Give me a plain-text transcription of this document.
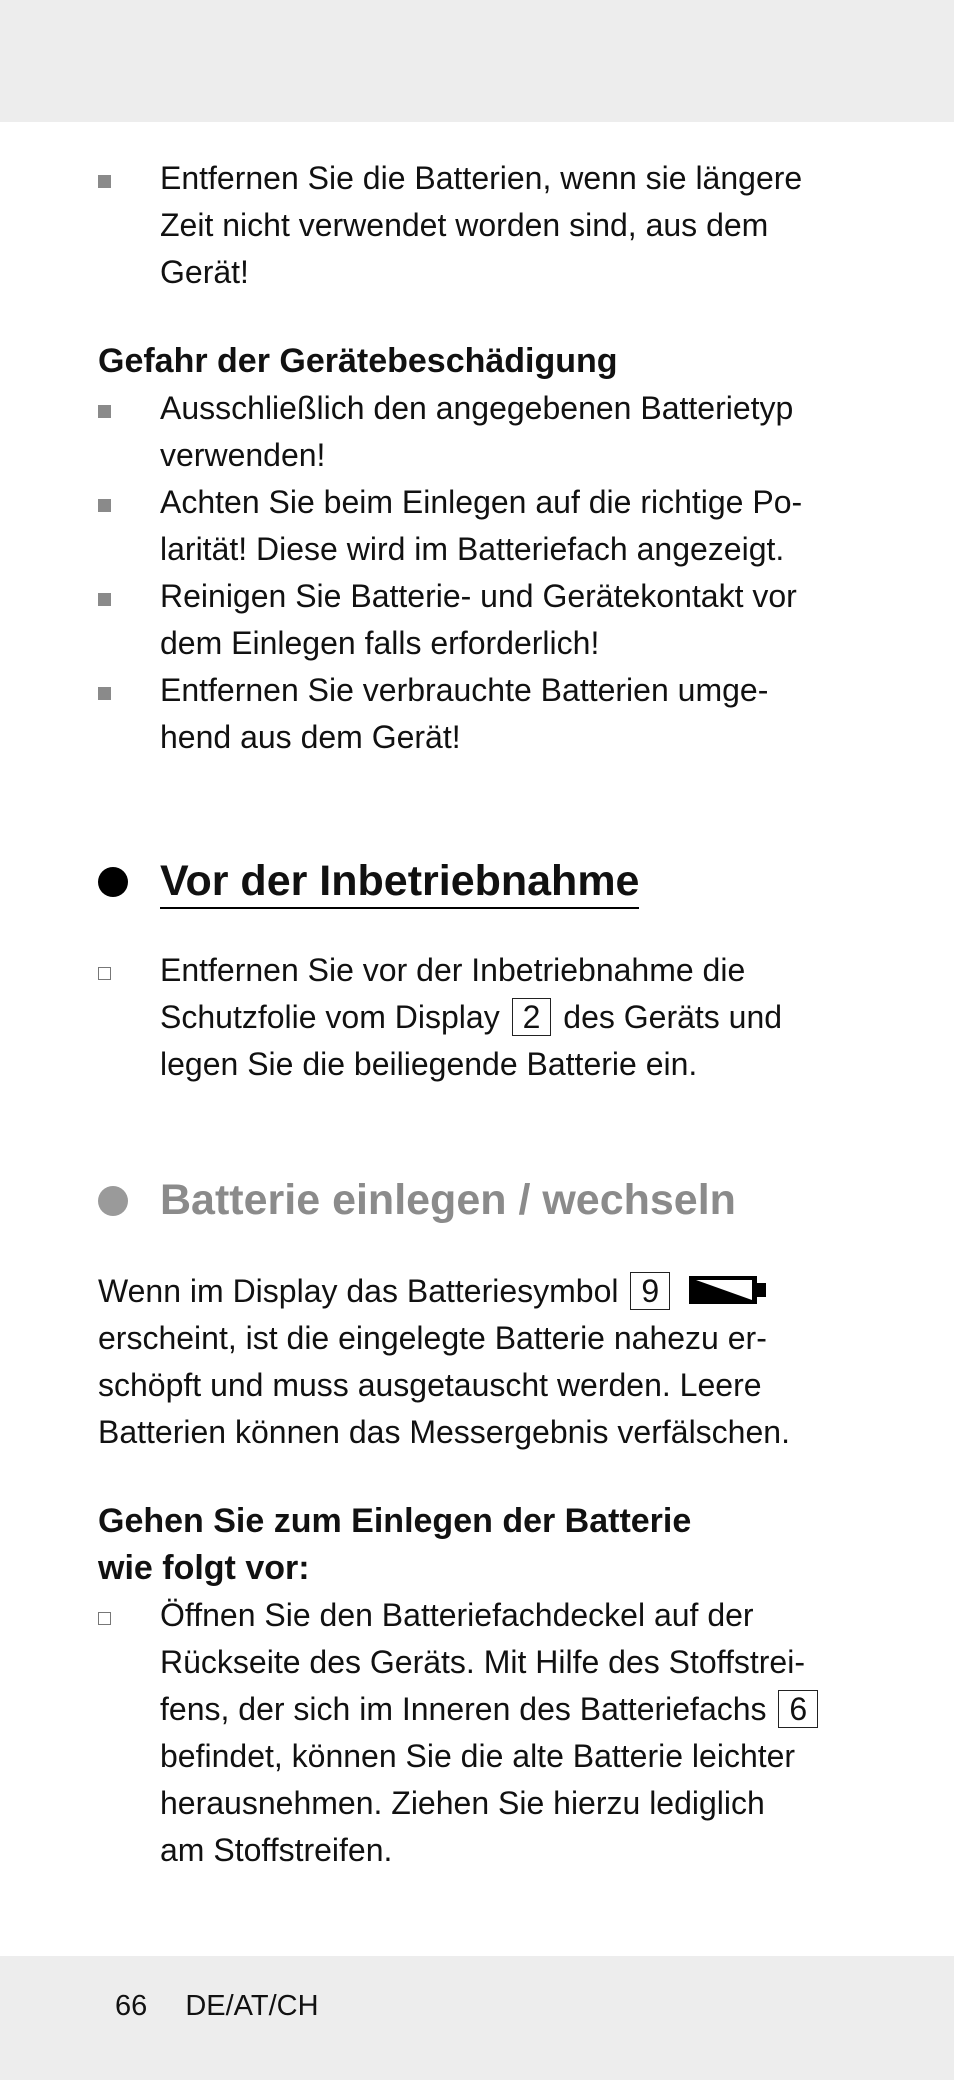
Entfernen Sie die Batterien, wenn sie längere
Zeit nicht verwendet worden sind, aus dem
Gerät!
Gefahr der Gerätebeschädigung
Ausschließlich den angegebenen Batterietyp
verwenden!
Achten Sie beim Einlegen auf die richtige Po-
larität! Diese wird im Batteriefach angezeigt.
Reinigen Sie Batterie- und Gerätekontakt vor
dem Einlegen falls erforderlich!
Entfernen Sie verbrauchte Batterien umge-
hend aus dem Gerät!
Vor der Inbetriebnahme
Entfernen Sie vor der Inbetriebnahme die
Schutzfolie vom Display 2 des Geräts und
legen Sie die beiliegende Batterie ein.
Batterie einlegen / wechseln
Wenn im Display das Batteriesymbol 9
erscheint, ist die eingelegte Batterie nahezu er-
schöpft und muss ausgetauscht werden. Leere
Batterien können das Messergebnis verfälschen.
Gehen Sie zum Einlegen der Batterie
wie folgt vor:
Öffnen Sie den Batteriefachdeckel auf der
Rückseite des Geräts. Mit Hilfe des Stoffstrei-
fens, der sich im Inneren des Batteriefachs 6
befindet, können Sie die alte Batterie leichter
herausnehmen. Ziehen Sie hierzu lediglich
am Stoffstreifen.
66 DE/AT/CH
